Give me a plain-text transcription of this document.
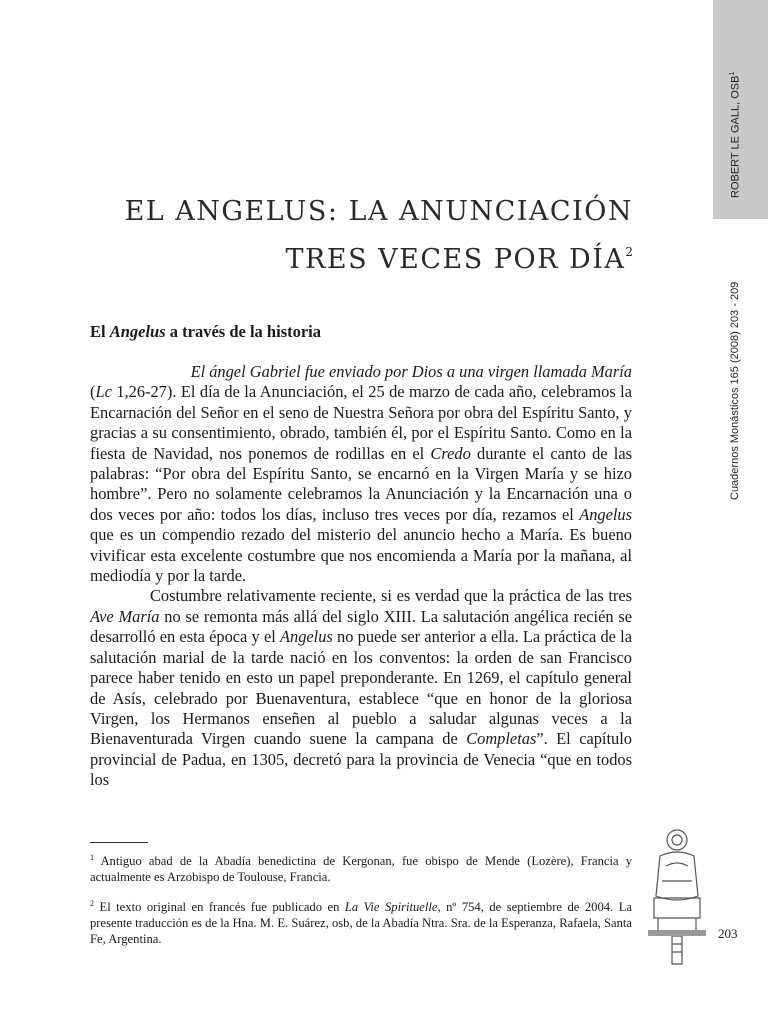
ROBERT LE GALL, OSB$^1$
Cuadernos Monásticos 165 (2008) 203 - 209
EL ANGELUS: LA ANUNCIACIÓN
TRES VECES POR DÍA$^2$
El Angelus a través de la historia

El ángel Gabriel fue enviado por Dios a una virgen llamada María
(Lc 1,26-27). El día de la Anunciación, el 25 de marzo de cada año, celebramos la Encarnación del Señor en el seno de Nuestra Señora por obra del Espíritu Santo, y gracias a su consentimiento, obrado, también él, por el Espíritu Santo. Como en la fiesta de Navidad, nos ponemos de rodillas en el Credo durante el canto de las palabras: “Por obra del Espíritu Santo, se encarnó en la Virgen María y se hizo hombre”. Pero no solamente celebramos la Anunciación y la Encarnación una o dos veces por año: todos los días, incluso tres veces por día, rezamos el Angelus que es un compendio rezado del misterio del anuncio hecho a María. Es bueno vivificar esta excelente costumbre que nos encomienda a María por la mañana, al mediodía y por la tarde.

Costumbre relativamente reciente, si es verdad que la práctica de las tres Ave María no se remonta más allá del siglo XIII. La salutación angélica recién se desarrolló en esta época y el Angelus no puede ser anterior a ella. La práctica de la salutación marial de la tarde nació en los conventos: la orden de san Francisco parece haber tenido en esto un papel preponderante. En 1269, el capítulo general de Asís, celebrado por Buenaventura, establece “que en honor de la gloriosa Virgen, los Hermanos enseñen al pueblo a saludar algunas veces a la Bienaventurada Virgen cuando suene la campana de Completas”. El capítulo provincial de Padua, en 1305, decretó para la provincia de Venecia “que en todos los

$^1$ Antiguo abad de la Abadía benedictina de Kergonan, fue obispo de Mende (Lozère), Francia y actualmente es Arzobispo de Toulouse, Francia.

$^2$ El texto original en francés fue publicado en La Vie Spirituelle, nº 754, de septiembre de 2004. La presente traducción es de la Hna. M. E. Suárez, osb, de la Abadía Ntra. Sra. de la Esperanza, Rafaela, Santa Fe, Argentina.	203
